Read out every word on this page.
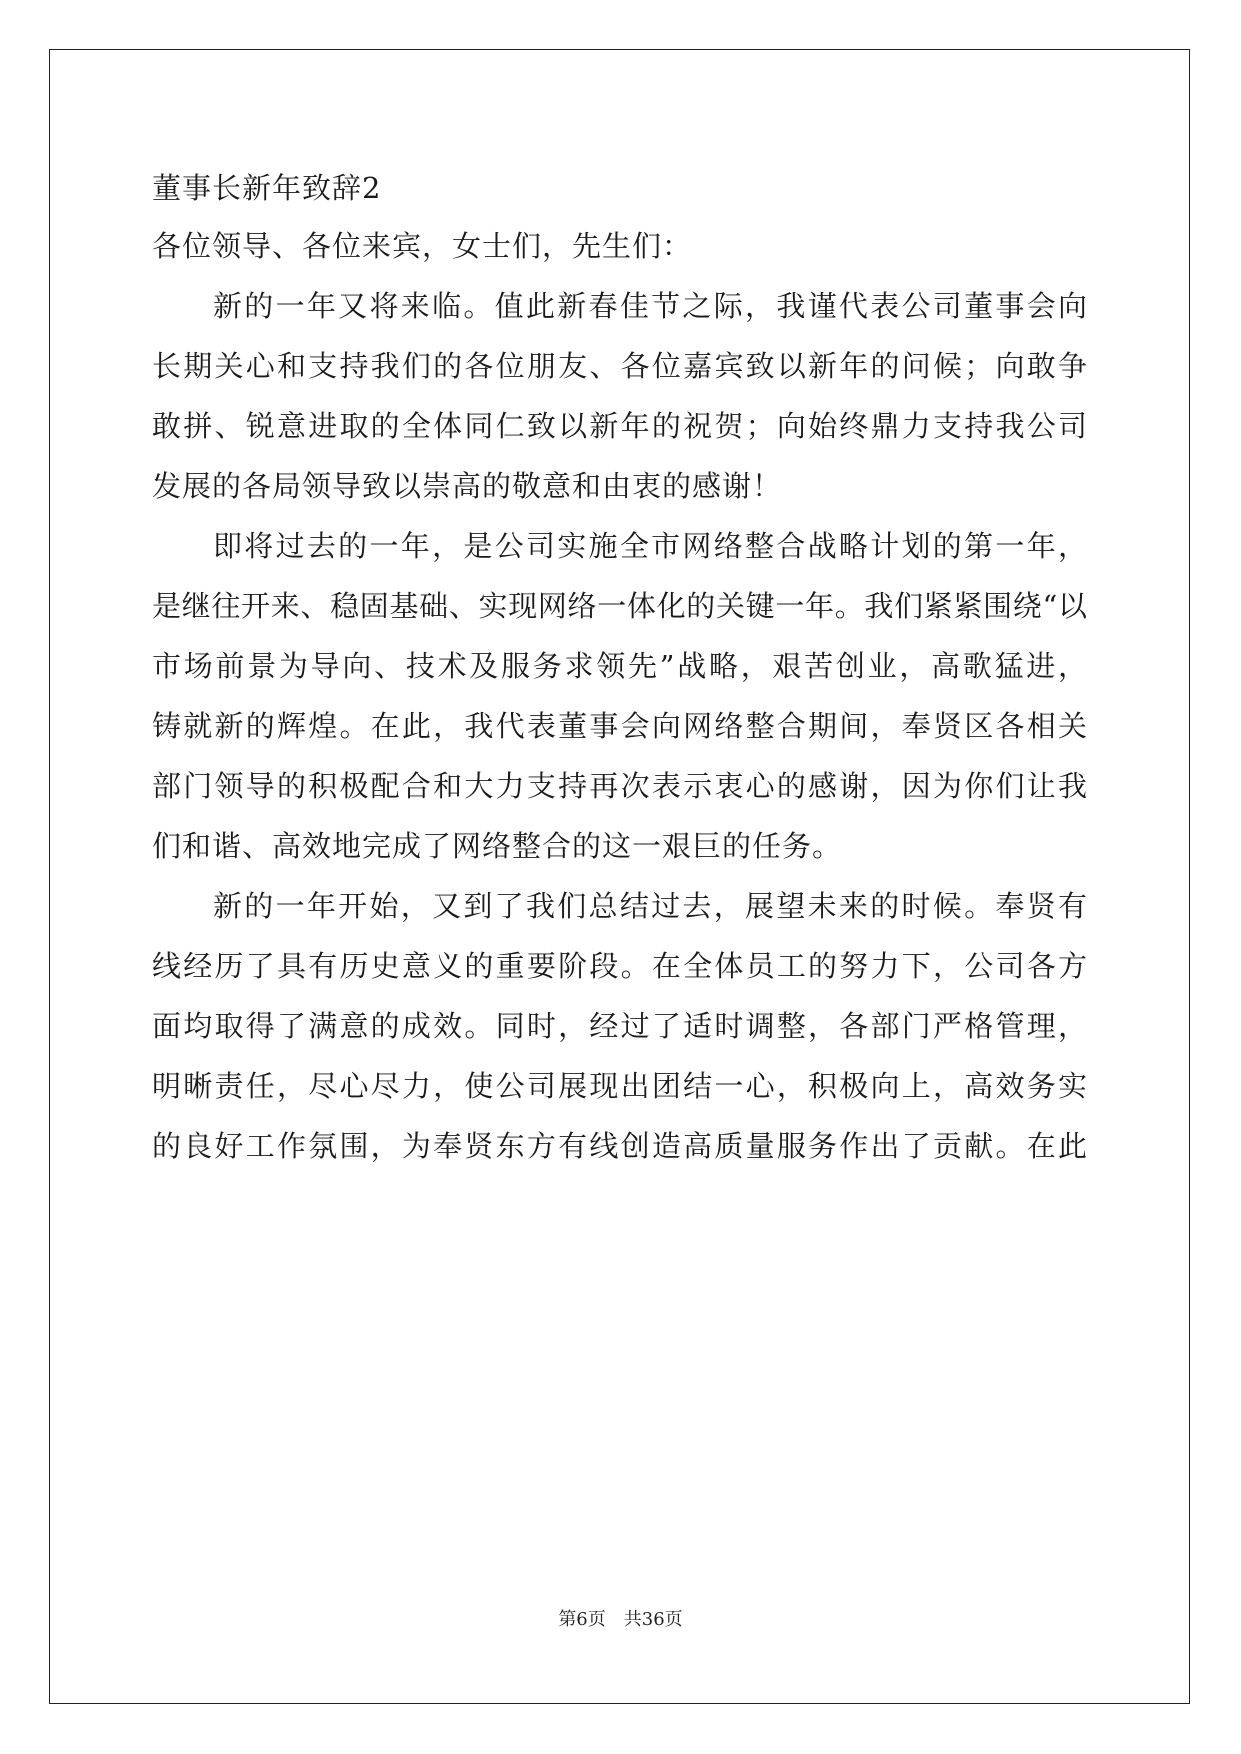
董事长新年致辞2
各位领导、各位来宾，女士们，先生们：
新的一年又将来临。值此新春佳节之际，我谨代表公司董事会向
长期关心和支持我们的各位朋友、各位嘉宾致以新年的问候；向敢争
敢拼、锐意进取的全体同仁致以新年的祝贺；向始终鼎力支持我公司
发展的各局领导致以崇高的敬意和由衷的感谢！
即将过去的一年，是公司实施全市网络整合战略计划的第一年，
是继往开来、稳固基础、实现网络一体化的关键一年。我们紧紧围绕“以
市场前景为导向、技术及服务求领先”战略，艰苦创业，高歌猛进，
铸就新的辉煌。在此，我代表董事会向网络整合期间，奉贤区各相关
部门领导的积极配合和大力支持再次表示衷心的感谢，因为你们让我
们和谐、高效地完成了网络整合的这一艰巨的任务。
新的一年开始，又到了我们总结过去，展望未来的时候。奉贤有
线经历了具有历史意义的重要阶段。在全体员工的努力下，公司各方
面均取得了满意的成效。同时，经过了适时调整，各部门严格管理，
明晰责任，尽心尽力，使公司展现出团结一心，积极向上，高效务实
的良好工作氛围，为奉贤东方有线创造高质量服务作出了贡献。在此
第6页　共36页
